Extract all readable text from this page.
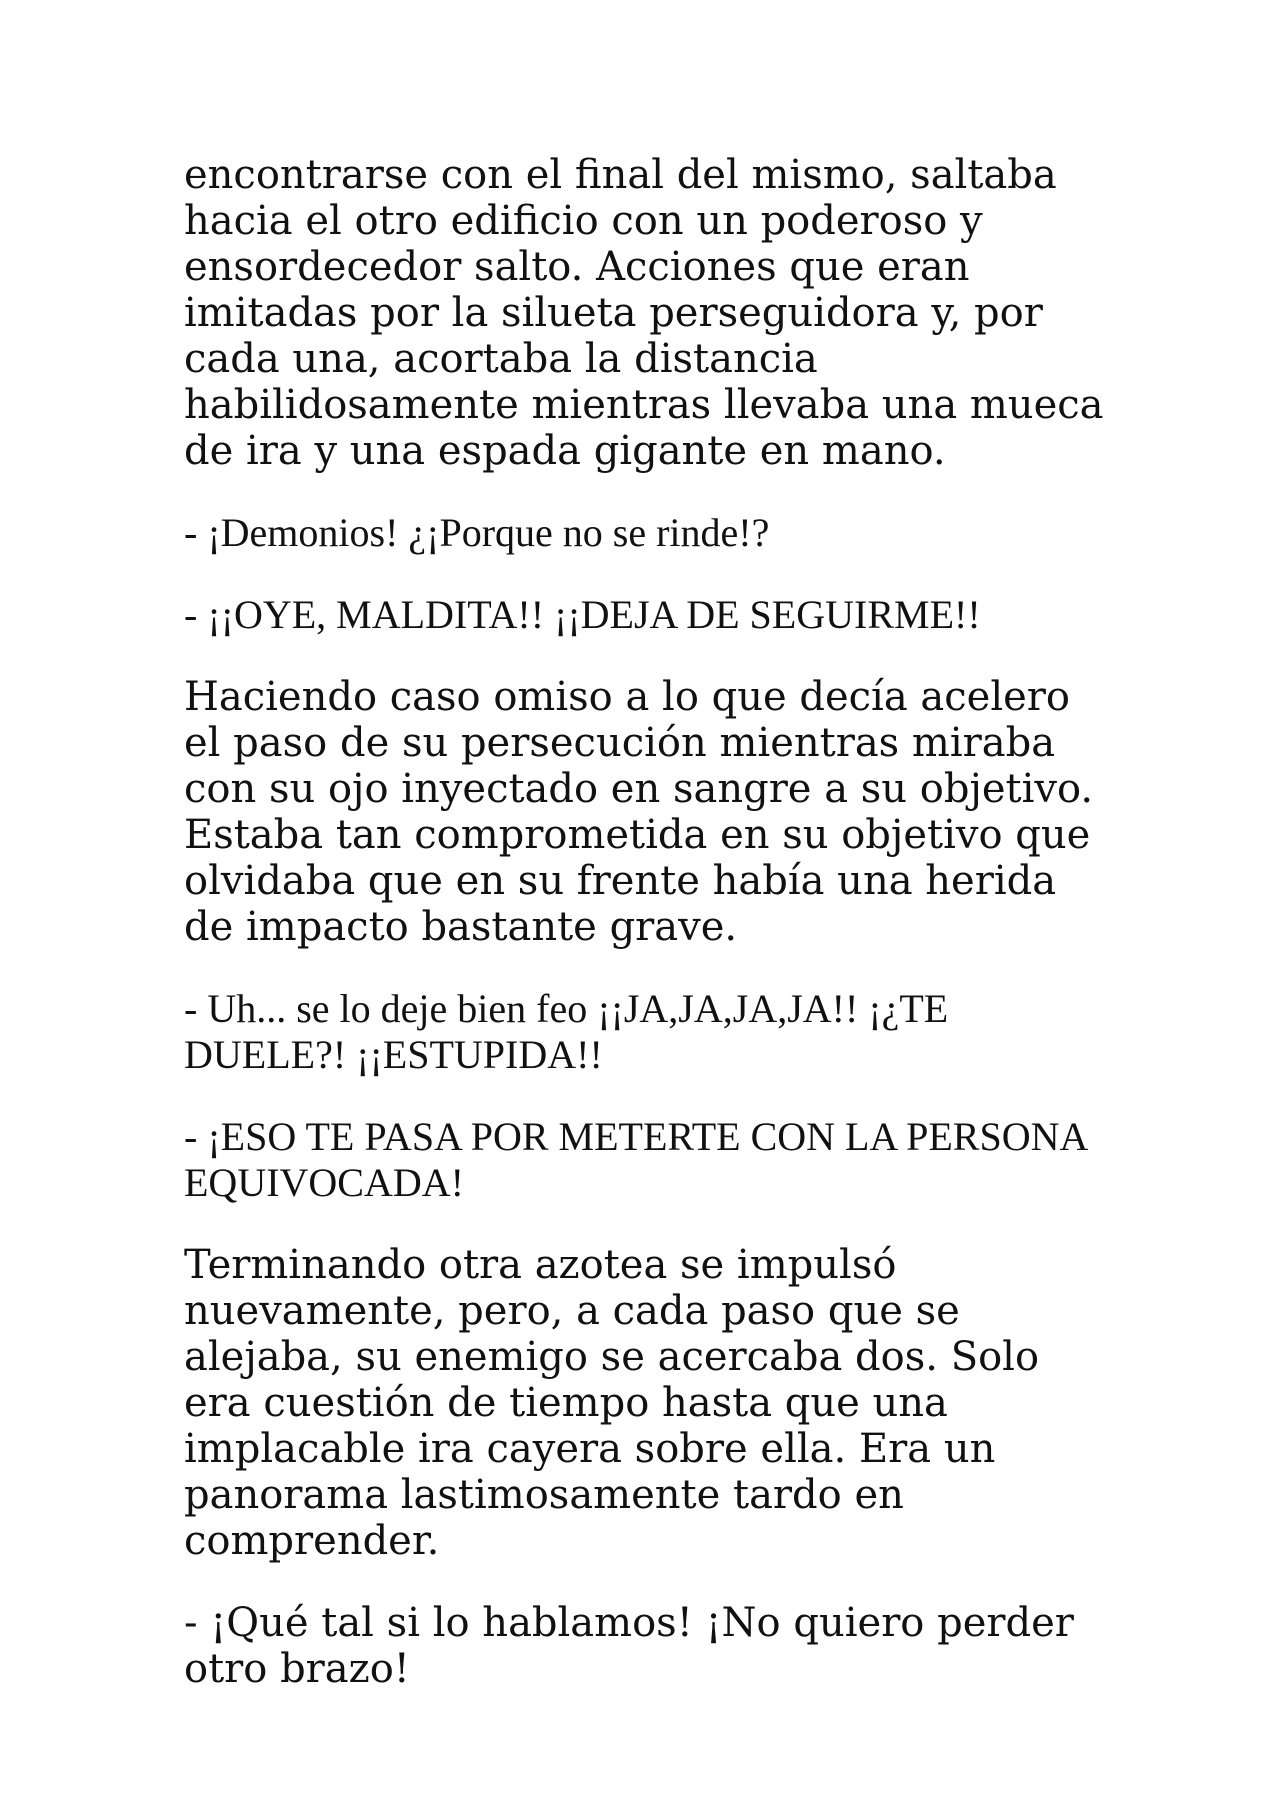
encontrarse con el final del mismo, saltaba hacia el otro edificio con un poderoso y ensordecedor salto. Acciones que eran imitadas por la silueta perseguidora y, por cada una, acortaba la distancia habilidosamente mientras llevaba una mueca de ira y una espada gigante en mano.

- ¡Demonios! ¿¡Porque no se rinde!?

- ¡¡OYE, MALDITA!! ¡¡DEJA DE SEGUIRME!!

Haciendo caso omiso a lo que decía acelero el paso de su persecución mientras miraba con su ojo inyectado en sangre a su objetivo. Estaba tan comprometida en su objetivo que olvidaba que en su frente había una herida de impacto bastante grave.

- Uh... se lo deje bien feo ¡¡JA,JA,JA,JA!! ¡¿TE DUELE?! ¡¡ESTUPIDA!!

- ¡ESO TE PASA POR METERTE CON LA PERSONA EQUIVOCADA!

Terminando otra azotea se impulsó nuevamente, pero, a cada paso que se alejaba, su enemigo se acercaba dos. Solo era cuestión de tiempo hasta que una implacable ira cayera sobre ella. Era un panorama lastimosamente tardo en comprender.

- ¡Qué tal si lo hablamos! ¡No quiero perder otro brazo!
